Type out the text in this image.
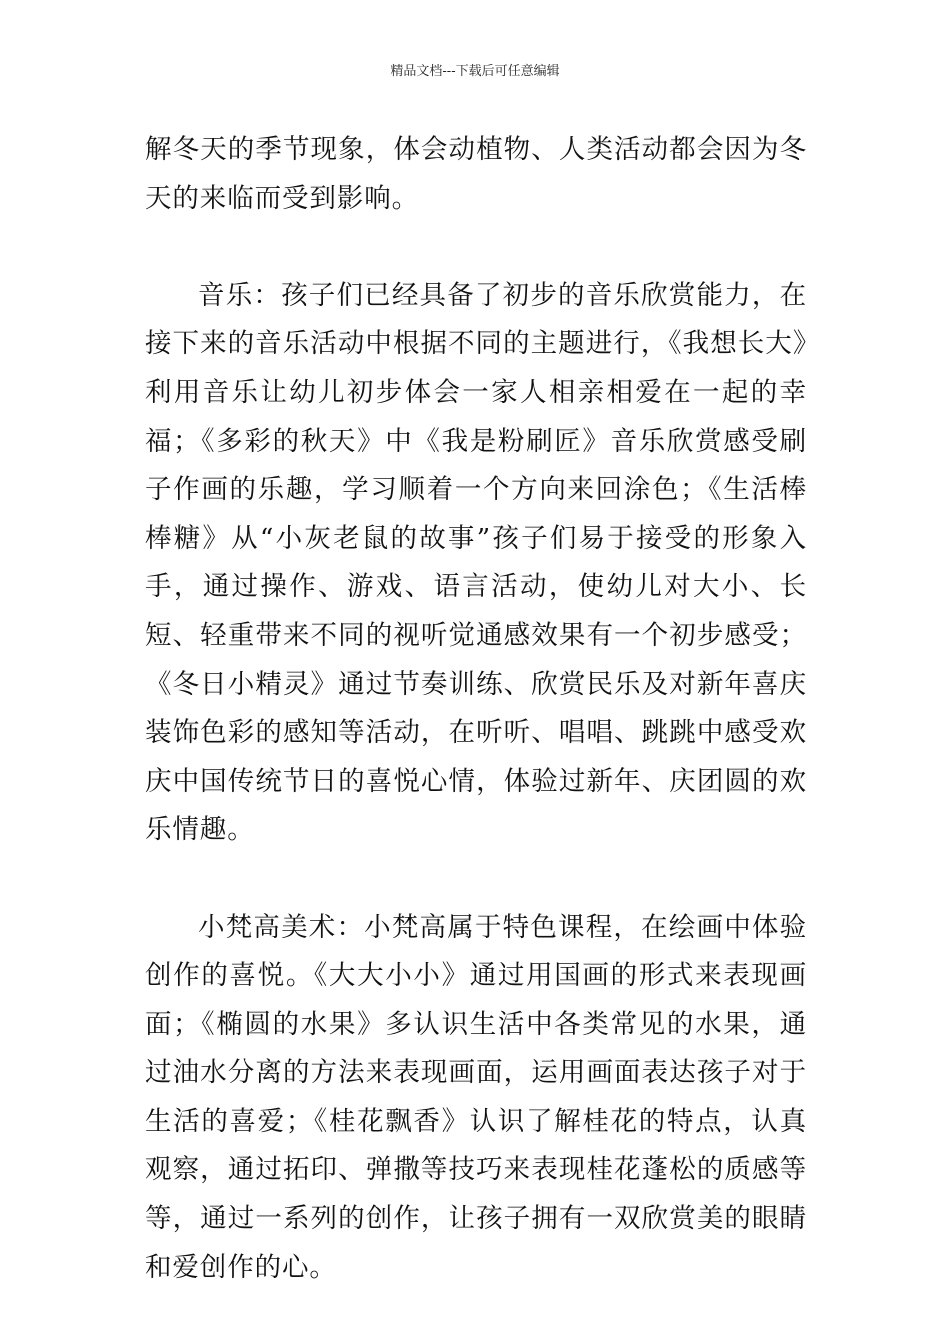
精品文档---下载后可任意编辑

解冬天的季节现象，体会动植物、人类活动都会因为冬天的来临而受到影响。

音乐：孩子们已经具备了初步的音乐欣赏能力，在接下来的音乐活动中根据不同的主题进行，《我想长大》利用音乐让幼儿初步体会一家人相亲相爱在一起的幸福；《多彩的秋天》中《我是粉刷匠》音乐欣赏感受刷子作画的乐趣，学习顺着一个方向来回涂色；《生活棒棒糖》从“小灰老鼠的故事”孩子们易于接受的形象入手，通过操作、游戏、语言活动，使幼儿对大小、长短、轻重带来不同的视听觉通感效果有一个初步感受；《冬日小精灵》通过节奏训练、欣赏民乐及对新年喜庆装饰色彩的感知等活动，在听听、唱唱、跳跳中感受欢庆中国传统节日的喜悦心情，体验过新年、庆团圆的欢乐情趣。

小梵高美术：小梵高属于特色课程，在绘画中体验创作的喜悦。《大大小小》通过用国画的形式来表现画面；《椭圆的水果》多认识生活中各类常见的水果，通过油水分离的方法来表现画面，运用画面表达孩子对于生活的喜爱；《桂花飘香》认识了解桂花的特点，认真观察，通过拓印、弹撒等技巧来表现桂花蓬松的质感等等，通过一系列的创作，让孩子拥有一双欣赏美的眼睛和爱创作的心。
